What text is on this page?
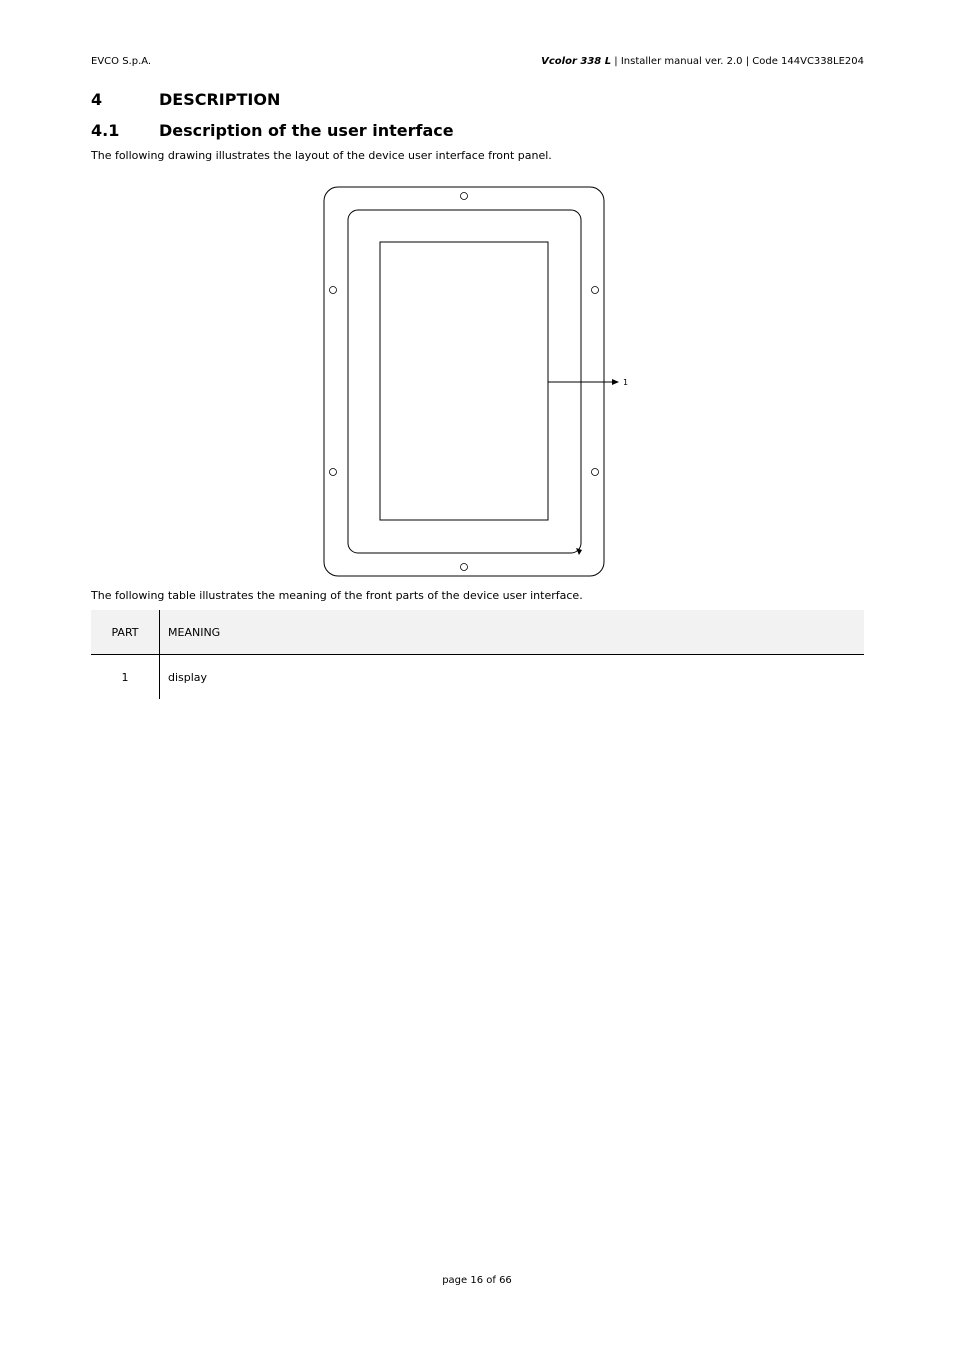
EVCO S.p.A.	Vcolor 338 L | Installer manual ver. 2.0 | Code 144VC338LE204
4	DESCRIPTION
4.1 Description of the user interface
The following drawing illustrates the layout of the device user interface front panel.
1
The following table illustrates the meaning of the front parts of the device user interface.
PART	MEANING
1	display
page 16 of 66
